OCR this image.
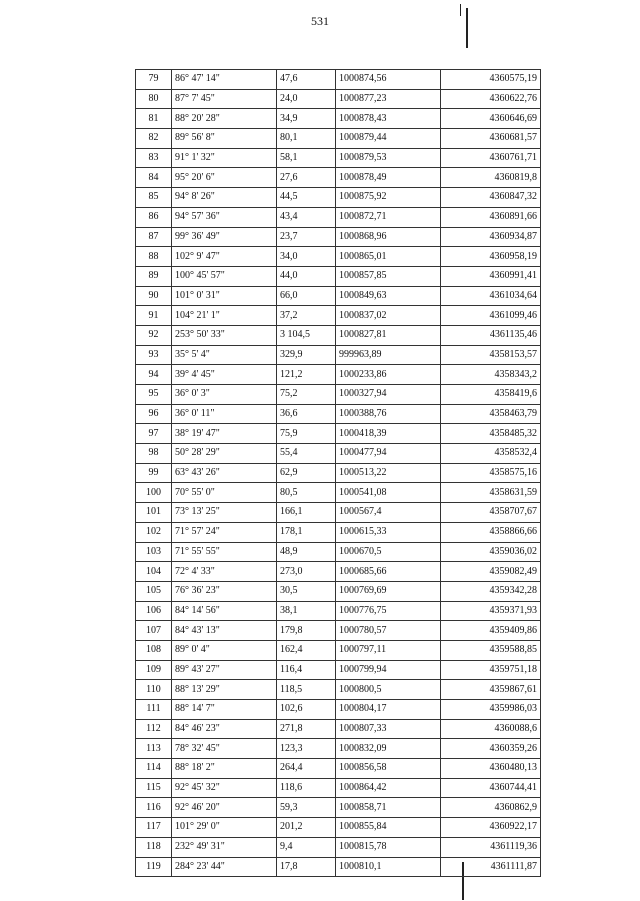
531
79	86° 47' 14"	47,6	1000874,56	4360575,19
80	87° 7' 45"	24,0	1000877,23	4360622,76
81	88° 20' 28"	34,9	1000878,43	4360646,69
82	89° 56' 8"	80,1	1000879,44	4360681,57
83	91° 1' 32"	58,1	1000879,53	4360761,71
84	95° 20' 6"	27,6	1000878,49	4360819,8
85	94° 8' 26"	44,5	1000875,92	4360847,32
86	94° 57' 36"	43,4	1000872,71	4360891,66
87	99° 36' 49"	23,7	1000868,96	4360934,87
88	102° 9' 47"	34,0	1000865,01	4360958,19
89	100° 45' 57"	44,0	1000857,85	4360991,41
90	101° 0' 31"	66,0	1000849,63	4361034,64
91	104° 21' 1"	37,2	1000837,02	4361099,46
92	253° 50' 33"	3 104,5	1000827,81	4361135,46
93	35° 5' 4"	329,9	999963,89	4358153,57
94	39° 4' 45"	121,2	1000233,86	4358343,2
95	36° 0' 3"	75,2	1000327,94	4358419,6
96	36° 0' 11"	36,6	1000388,76	4358463,79
97	38° 19' 47"	75,9	1000418,39	4358485,32
98	50° 28' 29"	55,4	1000477,94	4358532,4
99	63° 43' 26"	62,9	1000513,22	4358575,16
100	70° 55' 0"	80,5	1000541,08	4358631,59
101	73° 13' 25"	166,1	1000567,4	4358707,67
102	71° 57' 24"	178,1	1000615,33	4358866,66
103	71° 55' 55"	48,9	1000670,5	4359036,02
104	72° 4' 33"	273,0	1000685,66	4359082,49
105	76° 36' 23"	30,5	1000769,69	4359342,28
106	84° 14' 56"	38,1	1000776,75	4359371,93
107	84° 43' 13"	179,8	1000780,57	4359409,86
108	89° 0' 4"	162,4	1000797,11	4359588,85
109	89° 43' 27"	116,4	1000799,94	4359751,18
110	88° 13' 29"	118,5	1000800,5	4359867,61
111	88° 14' 7"	102,6	1000804,17	4359986,03
112	84° 46' 23"	271,8	1000807,33	4360088,6
113	78° 32' 45"	123,3	1000832,09	4360359,26
114	88° 18' 2"	264,4	1000856,58	4360480,13
115	92° 45' 32"	118,6	1000864,42	4360744,41
116	92° 46' 20"	59,3	1000858,71	4360862,9
117	101° 29' 0"	201,2	1000855,84	4360922,17
118	232° 49' 31"	9,4	1000815,78	4361119,36
119	284° 23' 44"	17,8	1000810,1	4361111,87
